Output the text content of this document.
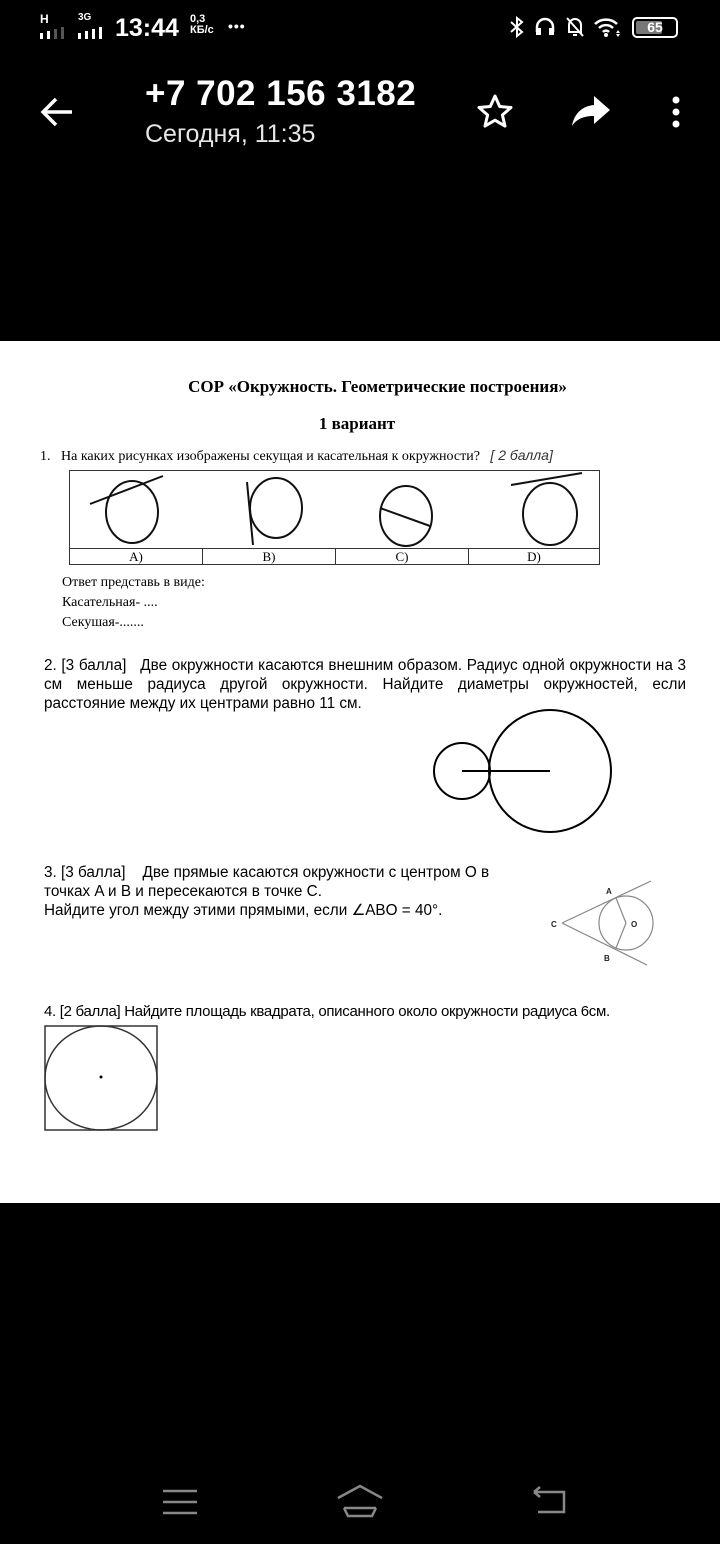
H	3G 13:44 0,3
КБ/с •••	65
+7 702 156 3182
Сегодня, 11:35
СОР «Окружность. Геометрические построения»
1 вариант
1. На каких рисунках изображены секущая и касательная к окружности? [ 2 балла]
A)	B)	C)	D)
Ответ представь в виде:
Касательная- ....
Секушая-.......
2. [3 балла] Две окружности касаются внешним образом. Радиус одной окружности на 3 см меньше радиуса другой окружности. Найдите диаметры окружностей, если расстояние между их центрами равно 11 см.
3. [3 балла] Две прямые касаются окружности с центром O в
точках A и B и пересекаются в точке C.
Найдите угол между этими прямыми, если ∠ABO = 40°.
A
B
C	O
4. [2 балла] Найдите площадь квадрата, описанного около окружности радиуса 6см.
